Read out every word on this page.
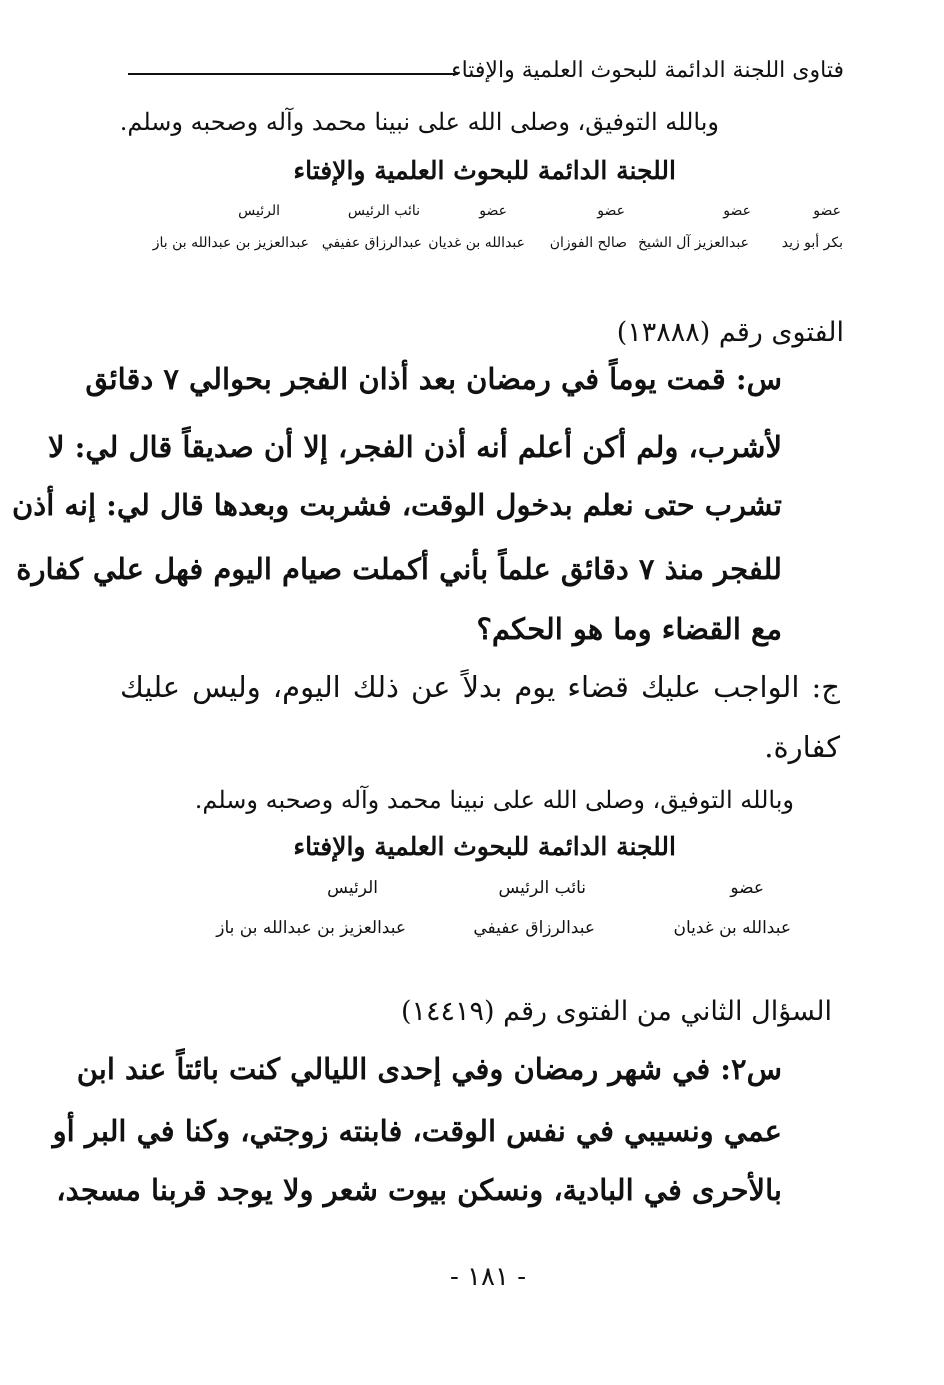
فتاوى اللجنة الدائمة للبحوث العلمية والإفتاء
وبالله التوفيق، وصلى الله على نبينا محمد وآله وصحبه وسلم.
اللجنة الدائمة للبحوث العلمية والإفتاء
عضو
عضو
عضو
عضو
نائب الرئيس
الرئيس
بكر أبو زيد
عبدالعزيز آل الشيخ
صالح الفوزان
عبدالله بن غديان
عبدالرزاق عفيفي
عبدالعزيز بن عبدالله بن باز
الفتوى رقم (١٣٨٨٨)
س: قمت يوماً في رمضان بعد أذان الفجر بحوالي ٧ دقائق
لأشرب، ولم أكن أعلم أنه أذن الفجر، إلا أن صديقاً قال لي: لا
تشرب حتى نعلم بدخول الوقت، فشربت وبعدها قال لي: إنه أذن
للفجر منذ ٧ دقائق علماً بأني أكملت صيام اليوم فهل علي كفارة
مع القضاء وما هو الحكم؟
ج: الواجب عليك قضاء يوم بدلاً عن ذلك اليوم، وليس عليك
كفارة.
وبالله التوفيق، وصلى الله على نبينا محمد وآله وصحبه وسلم.
اللجنة الدائمة للبحوث العلمية والإفتاء
عضو
نائب الرئيس
الرئيس
عبدالله بن غديان
عبدالرزاق عفيفي
عبدالعزيز بن عبدالله بن باز
السؤال الثاني من الفتوى رقم (١٤٤١٩)
س٢: في شهر رمضان وفي إحدى الليالي كنت بائتاً عند ابن
عمي ونسيبي في نفس الوقت، فابنته زوجتي، وكنا في البر أو
بالأحرى في البادية، ونسكن بيوت شعر ولا يوجد قربنا مسجد،
- ١٨١ -
